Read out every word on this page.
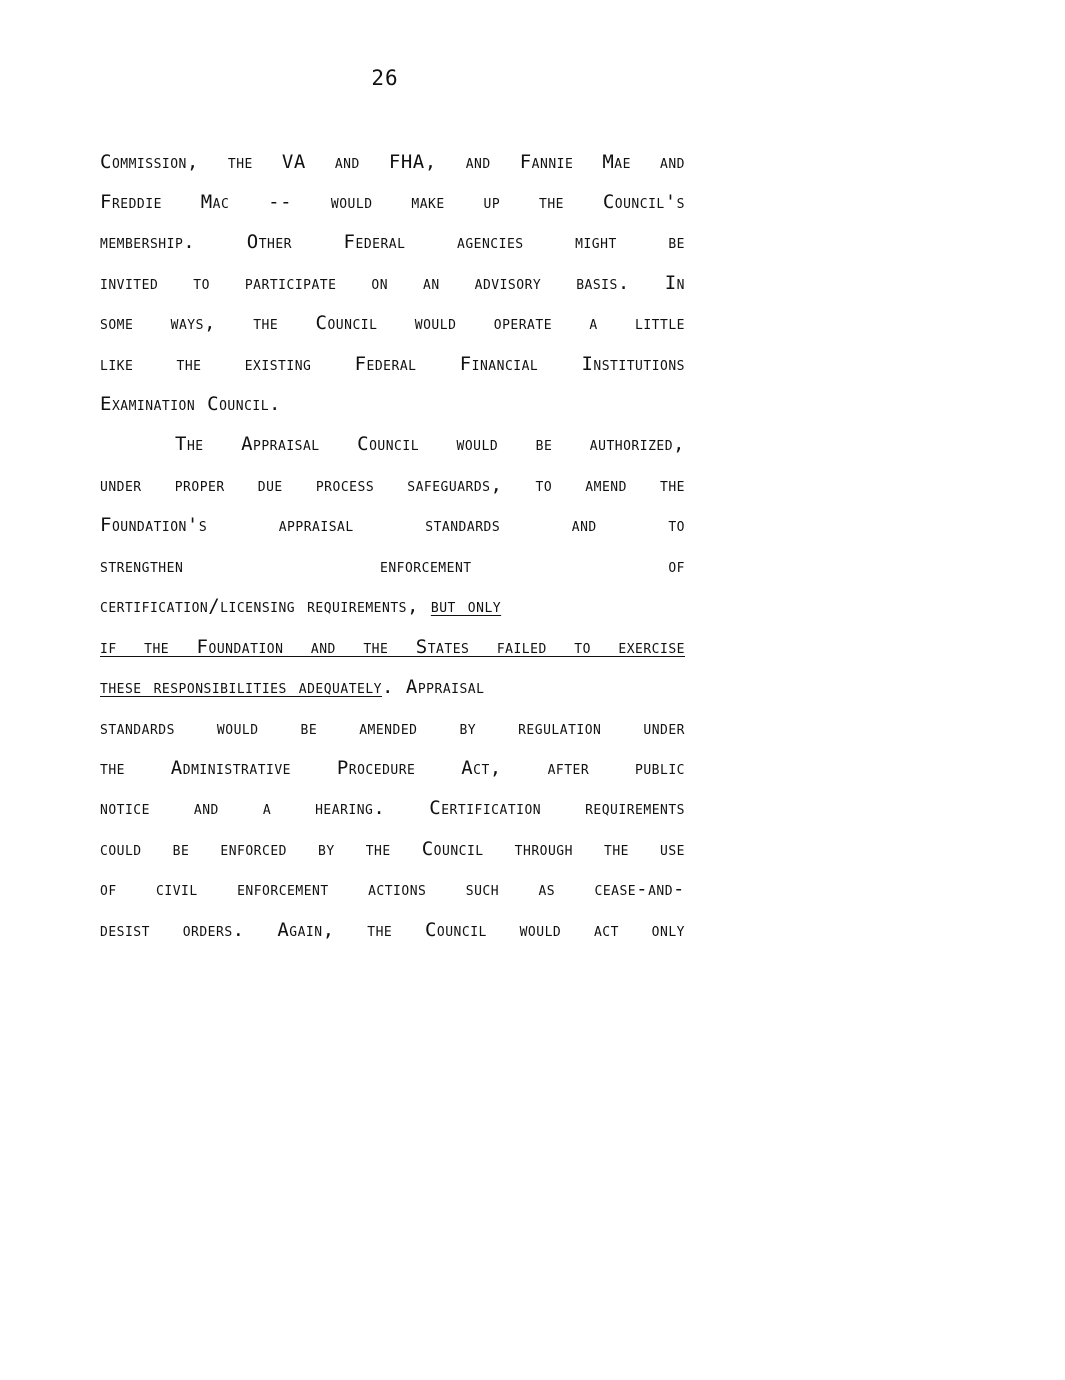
26
Commission, the VA and FHA, and Fannie Mae and
Freddie Mac -- would make up the Council's
membership. Other Federal agencies might be
invited to participate on an advisory basis. In
some ways, the Council would operate a little
like the existing Federal Financial Institutions
Examination Council.
The Appraisal Council would be authorized,
under proper due process safeguards, to amend the
Foundation's appraisal standards and to
strengthen enforcement of
certification/licensing requirements, but only
if the Foundation and the States failed to exercise
these responsibilities adequately. Appraisal
standards would be amended by regulation under
the Administrative Procedure Act, after public
notice and a hearing. Certification requirements
could be enforced by the Council through the use
of civil enforcement actions such as cease-and-
desist orders. Again, the Council would act only
